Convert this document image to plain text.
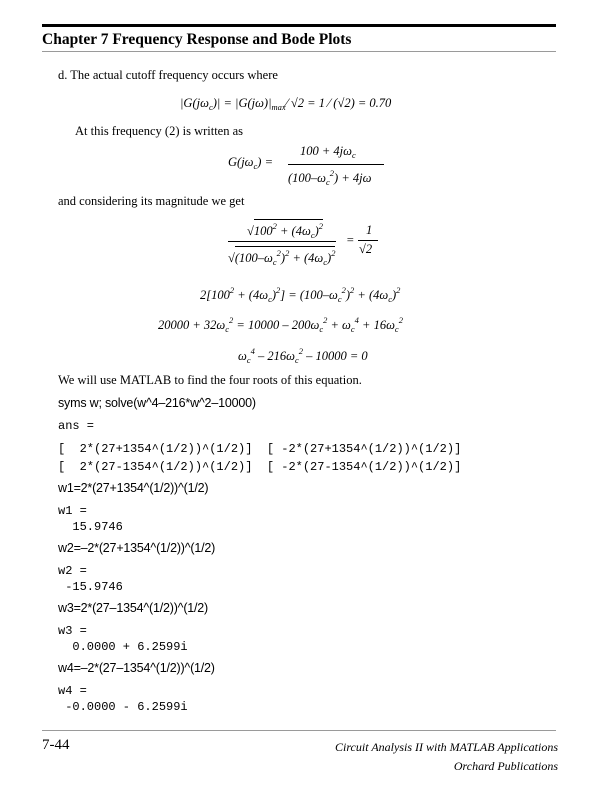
Chapter 7 Frequency Response and Bode Plots
d. The actual cutoff frequency occurs where
$|G(j\omega_c)|$ = $|G(j\omega)|_{max}⁄$ √2 = 1 ⁄ (√2) = 0.70
At this frequency (2) is written as
$G(j\omega_c)$ =
$100 + 4j\omega_c$
$(100-\omega_c^2) + 4j\omega$
and considering its magnitude we get
$√100^2 + (4\omega_c)^2$
$√(100-\omega_c^2)^2 + (4\omega_c)^2$
=
1
√2
$2[100^2 + (4\omega_c)^2] = (100-\omega_c^2)^2 + (4\omega_c)^2$
$20000 + 32\omega_c^2 = 10000 - 200\omega_c^2 + \omega_c^4 + 16\omega_c^2$
$\omega_c^4 - 216\omega_c^2 - 10000 = 0$
We will use MATLAB to find the four roots of this equation.
syms w; solve(w^4–216*w^2–10000)
ans =
[  2*(27+1354^(1/2))^(1/2)]  [ -2*(27+1354^(1/2))^(1/2)]
[  2*(27-1354^(1/2))^(1/2)]  [ -2*(27-1354^(1/2))^(1/2)]
w1=2*(27+1354^(1/2))^(1/2)
w1 =
15.9746
w2=–2*(27+1354^(1/2))^(1/2)
w2 =
-15.9746
w3=2*(27–1354^(1/2))^(1/2)
w3 =
0.0000 + 6.2599i
w4=–2*(27–1354^(1/2))^(1/2)
w4 =
-0.0000 - 6.2599i
7-44	Circuit Analysis II with MATLAB Applications
Orchard Publications
